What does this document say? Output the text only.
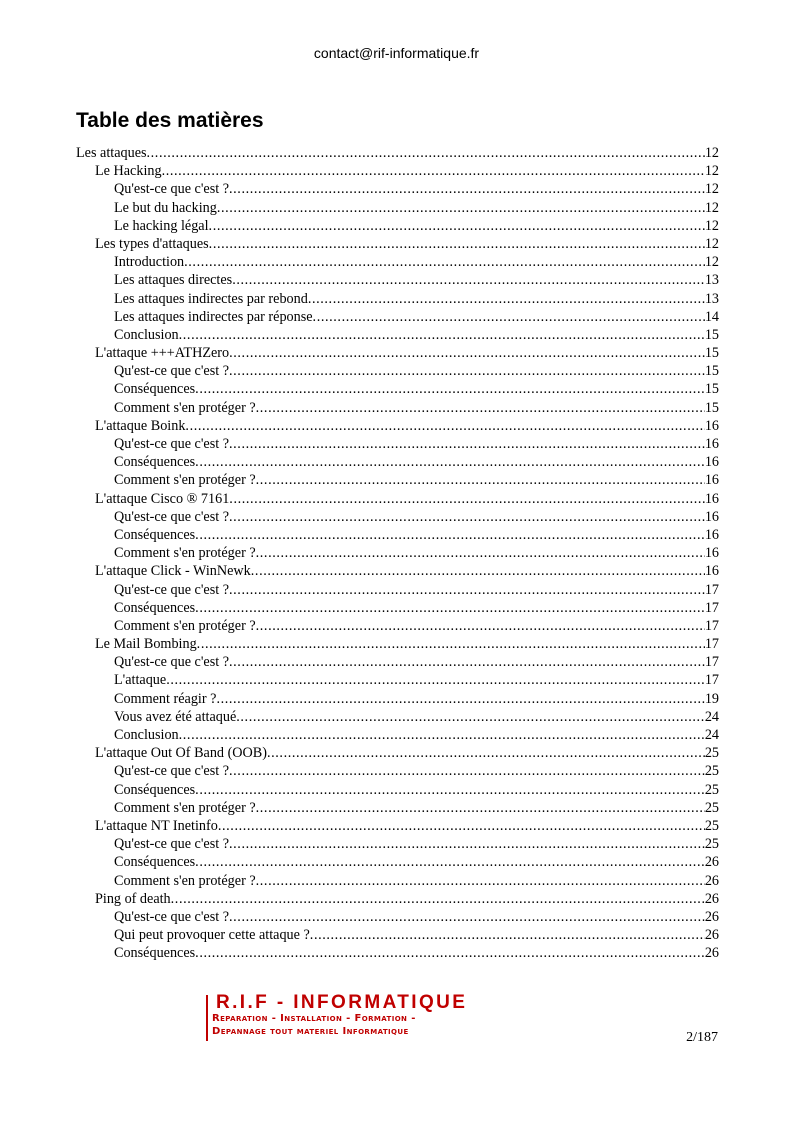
contact@rif-informatique.fr
Table des matières
Les attaques .....	12
Le Hacking .....	12
Qu'est-ce que c'est ? .....	12
Le but du hacking .....	12
Le hacking légal .....	12
Les types d'attaques .....	12
Introduction .....	12
Les attaques directes .....	13
Les attaques indirectes par rebond .....	13
Les attaques indirectes par réponse .....	14
Conclusion .....	15
L'attaque +++ATHZero .....	15
Qu'est-ce que c'est ? .....	15
Conséquences .....	15
Comment s'en protéger ? .....	15
L'attaque Boink .....	16
Qu'est-ce que c'est ? .....	16
Conséquences .....	16
Comment s'en protéger ? .....	16
L'attaque Cisco ® 7161 .....	16
Qu'est-ce que c'est ? .....	16
Conséquences .....	16
Comment s'en protéger ? .....	16
L'attaque Click - WinNewk .....	16
Qu'est-ce que c'est ? .....	17
Conséquences .....	17
Comment s'en protéger ? .....	17
Le Mail Bombing .....	17
Qu'est-ce que c'est ? .....	17
L'attaque .....	17
Comment réagir ? .....	19
Vous avez été attaqué .....	24
Conclusion .....	24
L'attaque Out Of Band (OOB) .....	25
Qu'est-ce que c'est ? .....	25
Conséquences .....	25
Comment s'en protéger ? .....	25
L'attaque NT Inetinfo .....	25
Qu'est-ce que c'est ? .....	25
Conséquences .....	26
Comment s'en protéger ? .....	26
Ping of death .....	26
Qu'est-ce que c'est ? .....	26
Qui peut provoquer cette attaque ? .....	26
Conséquences .....	26
R.I.F - INFORMATIQUE
Reparation - Installation - Formation -
Depannage tout materiel Informatique	2/187
